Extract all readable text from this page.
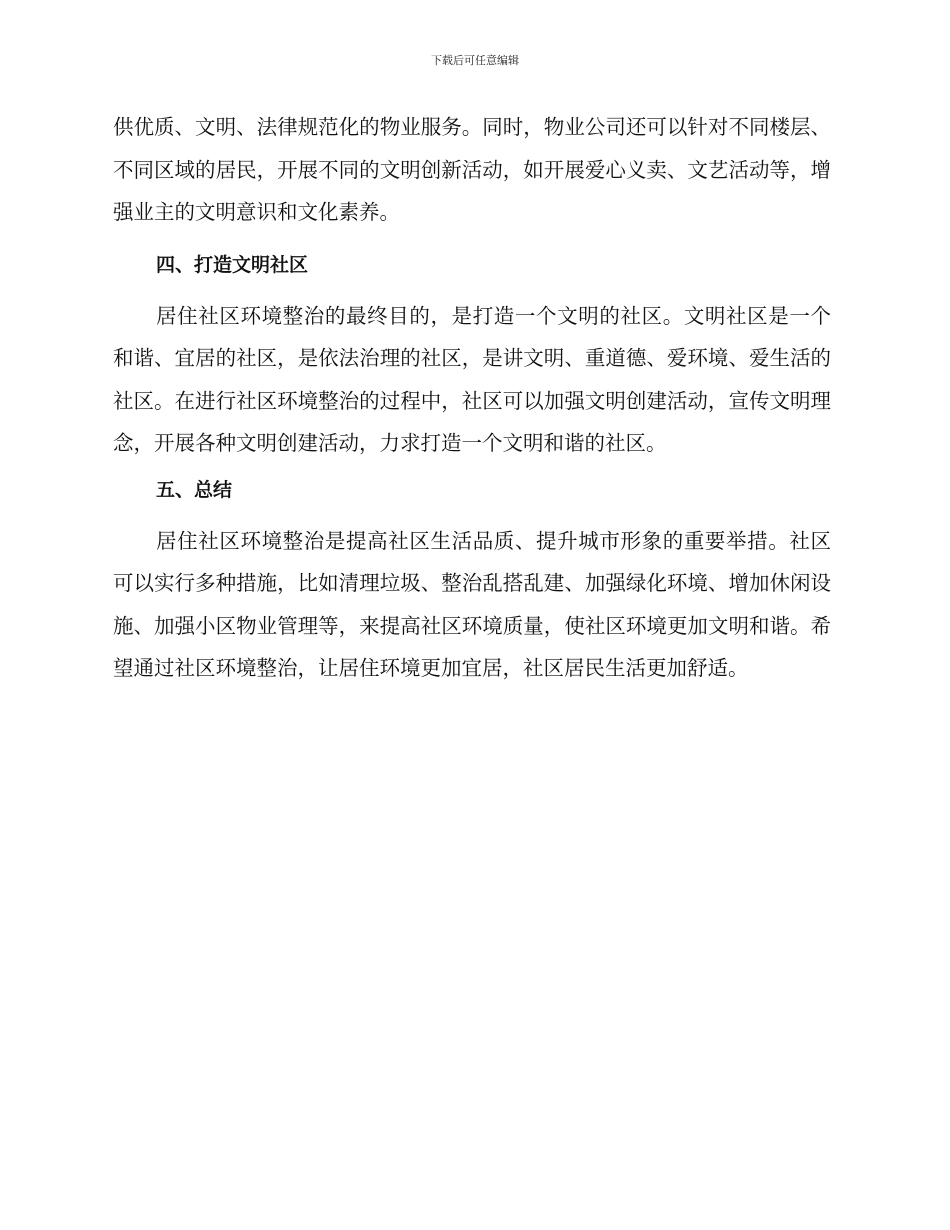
下载后可任意编辑

供优质、文明、法律规范化的物业服务。同时，物业公司还可以针对不同楼层、不同区域的居民，开展不同的文明创新活动，如开展爱心义卖、文艺活动等，增强业主的文明意识和文化素养。

四、打造文明社区

居住社区环境整治的最终目的，是打造一个文明的社区。文明社区是一个和谐、宜居的社区，是依法治理的社区，是讲文明、重道德、爱环境、爱生活的社区。在进行社区环境整治的过程中，社区可以加强文明创建活动，宣传文明理念，开展各种文明创建活动，力求打造一个文明和谐的社区。

五、总结

居住社区环境整治是提高社区生活品质、提升城市形象的重要举措。社区可以实行多种措施，比如清理垃圾、整治乱搭乱建、加强绿化环境、增加休闲设施、加强小区物业管理等，来提高社区环境质量，使社区环境更加文明和谐。希望通过社区环境整治，让居住环境更加宜居，社区居民生活更加舒适。
